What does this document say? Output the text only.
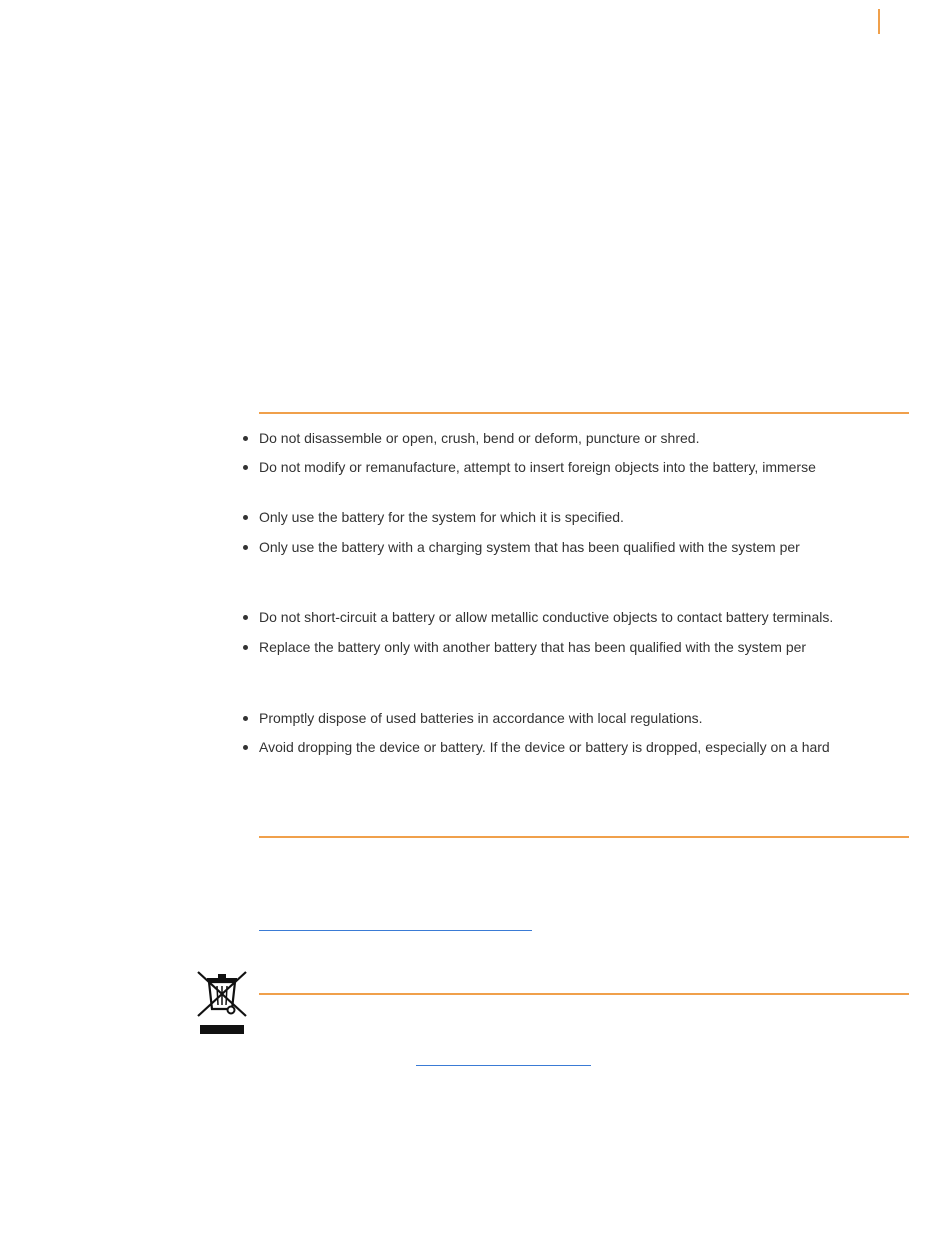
Do not disassemble or open, crush, bend or deform, puncture or shred.
Do not modify or remanufacture, attempt to insert foreign objects into the battery, immerse
Only use the battery for the system for which it is specified.
Only use the battery with a charging system that has been qualified with the system per
Do not short-circuit a battery or allow metallic conductive objects to contact battery terminals.
Replace the battery only with another battery that has been qualified with the system per
Promptly dispose of used batteries in accordance with local regulations.
Avoid dropping the device or battery. If the device or battery is dropped, especially on a hard
